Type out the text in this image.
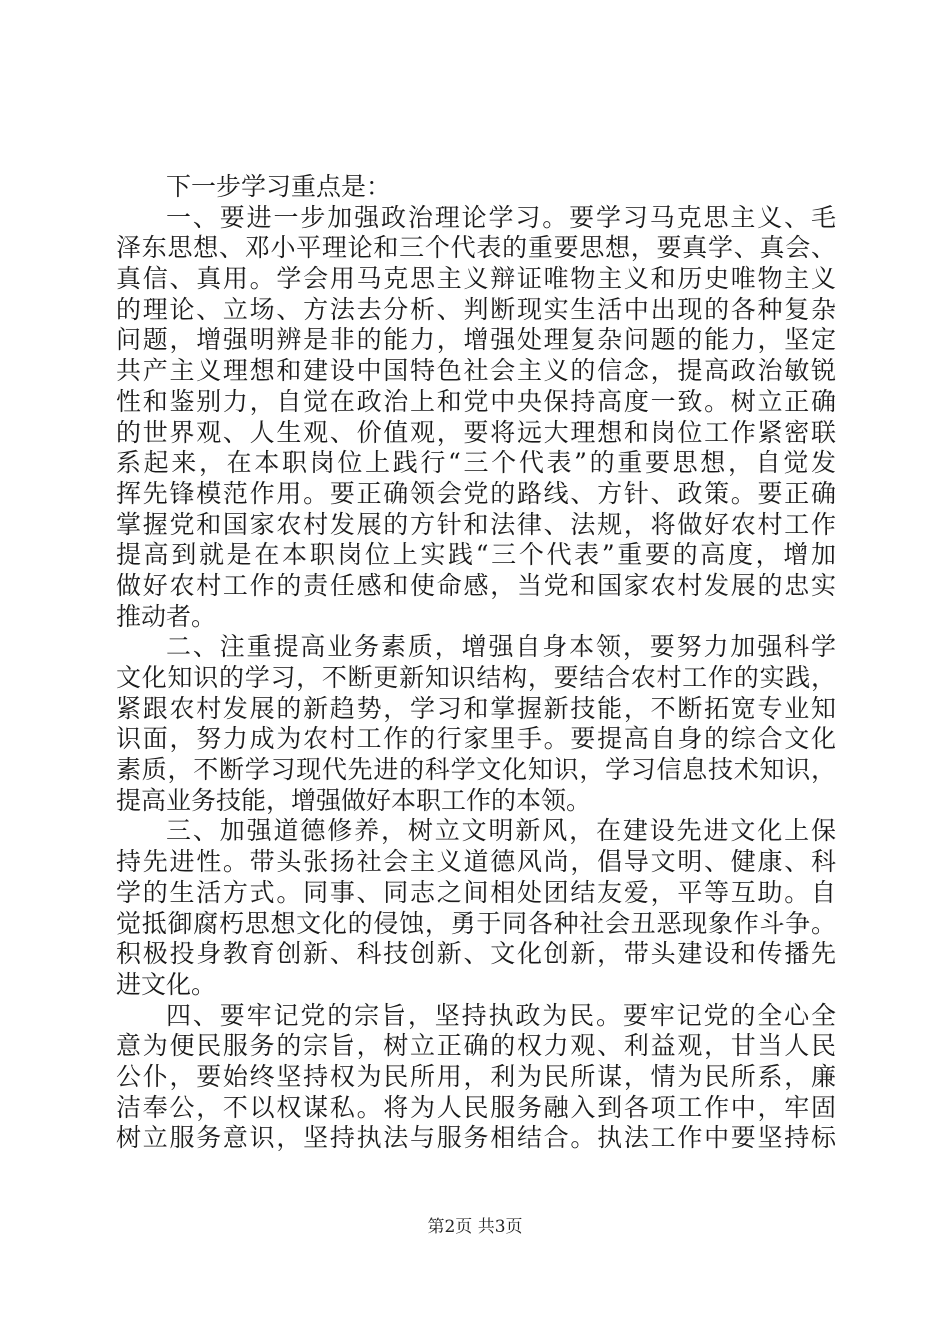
下一步学习重点是：
一、要进一步加强政治理论学习。要学习马克思主义、毛
泽东思想、邓小平理论和三个代表的重要思想，要真学、真会、
真信、真用。学会用马克思主义辩证唯物主义和历史唯物主义
的理论、立场、方法去分析、判断现实生活中出现的各种复杂
问题，增强明辨是非的能力，增强处理复杂问题的能力，坚定
共产主义理想和建设中国特色社会主义的信念，提高政治敏锐
性和鉴别力，自觉在政治上和党中央保持高度一致。树立正确
的世界观、人生观、价值观，要将远大理想和岗位工作紧密联
系起来，在本职岗位上践行“三个代表”的重要思想，自觉发
挥先锋模范作用。要正确领会党的路线、方针、政策。要正确
掌握党和国家农村发展的方针和法律、法规，将做好农村工作
提高到就是在本职岗位上实践“三个代表”重要的高度，增加
做好农村工作的责任感和使命感，当党和国家农村发展的忠实
推动者。
二、注重提高业务素质，增强自身本领，要努力加强科学
文化知识的学习，不断更新知识结构，要结合农村工作的实践，
紧跟农村发展的新趋势，学习和掌握新技能，不断拓宽专业知
识面，努力成为农村工作的行家里手。要提高自身的综合文化
素质，不断学习现代先进的科学文化知识，学习信息技术知识，
提高业务技能，增强做好本职工作的本领。
三、加强道德修养，树立文明新风，在建设先进文化上保
持先进性。带头张扬社会主义道德风尚，倡导文明、健康、科
学的生活方式。同事、同志之间相处团结友爱，平等互助。自
觉抵御腐朽思想文化的侵蚀，勇于同各种社会丑恶现象作斗争。
积极投身教育创新、科技创新、文化创新，带头建设和传播先
进文化。
四、要牢记党的宗旨，坚持执政为民。要牢记党的全心全
意为便民服务的宗旨，树立正确的权力观、利益观，甘当人民
公仆，要始终坚持权为民所用，利为民所谋，情为民所系，廉
洁奉公，不以权谋私。将为人民服务融入到各项工作中，牢固
树立服务意识，坚持执法与服务相结合。执法工作中要坚持标
第2页 共3页
